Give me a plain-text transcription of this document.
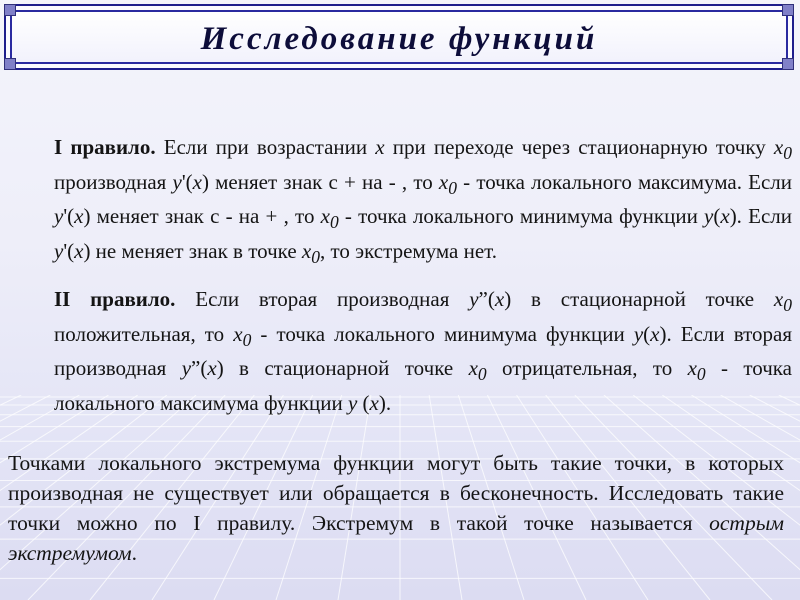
Исследование функций
I правило. Если при возрастании x при переходе через стационарную точку $x_0$ производная y'(x) меняет знак с + на - , то $x_0$ - точка локального максимума. Если y'(x) меняет знак с - на + , то $x_0$ - точка локального минимума функции y(x). Если y'(x) не меняет знак в точке $x_0$, то экстремума нет.
II правило. Если вторая производная y”(x) в стационарной точке $x_0$ положительная, то $x_0$ - точка локального минимума функции y(x). Если вторая производная y”(x) в стационарной точке $x_0$ отрицательная, то $x_0$ - точка локального максимума функции y (x).
Точками локального экстремума функции могут быть такие точки, в которых производная не существует или обращается в бесконечность. Исследовать такие точки можно по I правилу. Экстремум в такой точке называется острым экстремумом.
